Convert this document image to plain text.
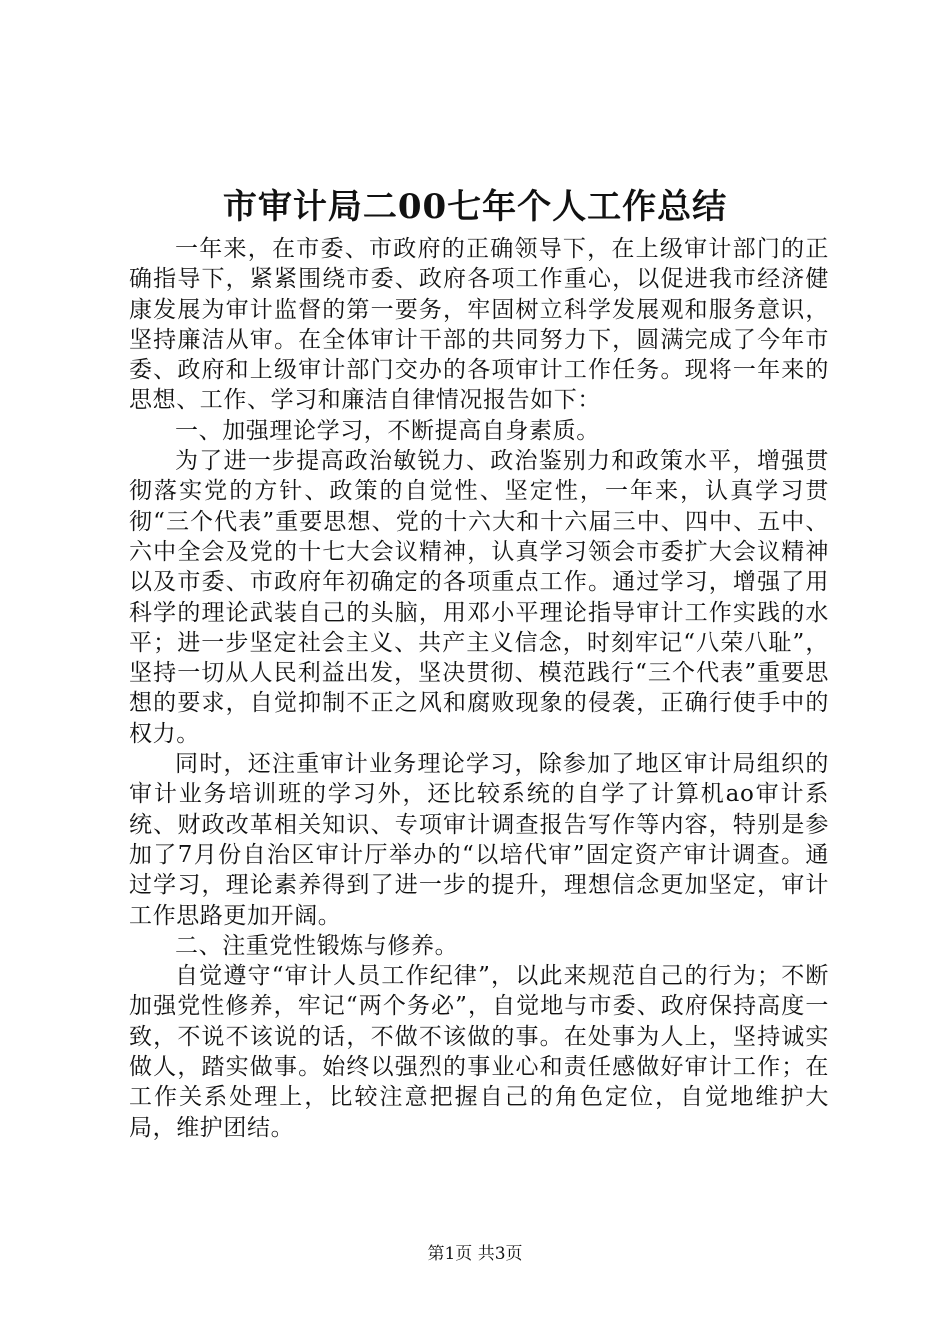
市审计局二00七年个人工作总结

一年来，在市委、市政府的正确领导下，在上级审计部门的正确指导下，紧紧围绕市委、政府各项工作重心，以促进我市经济健康发展为审计监督的第一要务，牢固树立科学发展观和服务意识，坚持廉洁从审。在全体审计干部的共同努力下，圆满完成了今年市委、政府和上级审计部门交办的各项审计工作任务。现将一年来的思想、工作、学习和廉洁自律情况报告如下：

一、加强理论学习，不断提高自身素质。

为了进一步提高政治敏锐力、政治鉴别力和政策水平，增强贯彻落实党的方针、政策的自觉性、坚定性，一年来，认真学习贯彻“三个代表”重要思想、党的十六大和十六届三中、四中、五中、六中全会及党的十七大会议精神，认真学习领会市委扩大会议精神以及市委、市政府年初确定的各项重点工作。通过学习，增强了用科学的理论武装自己的头脑，用邓小平理论指导审计工作实践的水平；进一步坚定社会主义、共产主义信念，时刻牢记“八荣八耻”，坚持一切从人民利益出发，坚决贯彻、模范践行“三个代表”重要思想的要求，自觉抑制不正之风和腐败现象的侵袭，正确行使手中的权力。

同时，还注重审计业务理论学习，除参加了地区审计局组织的审计业务培训班的学习外，还比较系统的自学了计算机ao审计系统、财政改革相关知识、专项审计调查报告写作等内容，特别是参加了7月份自治区审计厅举办的“以培代审”固定资产审计调查。通过学习，理论素养得到了进一步的提升，理想信念更加坚定，审计工作思路更加开阔。

二、注重党性锻炼与修养。

自觉遵守“审计人员工作纪律”，以此来规范自己的行为；不断加强党性修养，牢记“两个务必”，自觉地与市委、政府保持高度一致，不说不该说的话，不做不该做的事。在处事为人上，坚持诚实做人，踏实做事。始终以强烈的事业心和责任感做好审计工作；在工作关系处理上，比较注意把握自己的角色定位，自觉地维护大局，维护团结。

第1页 共3页
